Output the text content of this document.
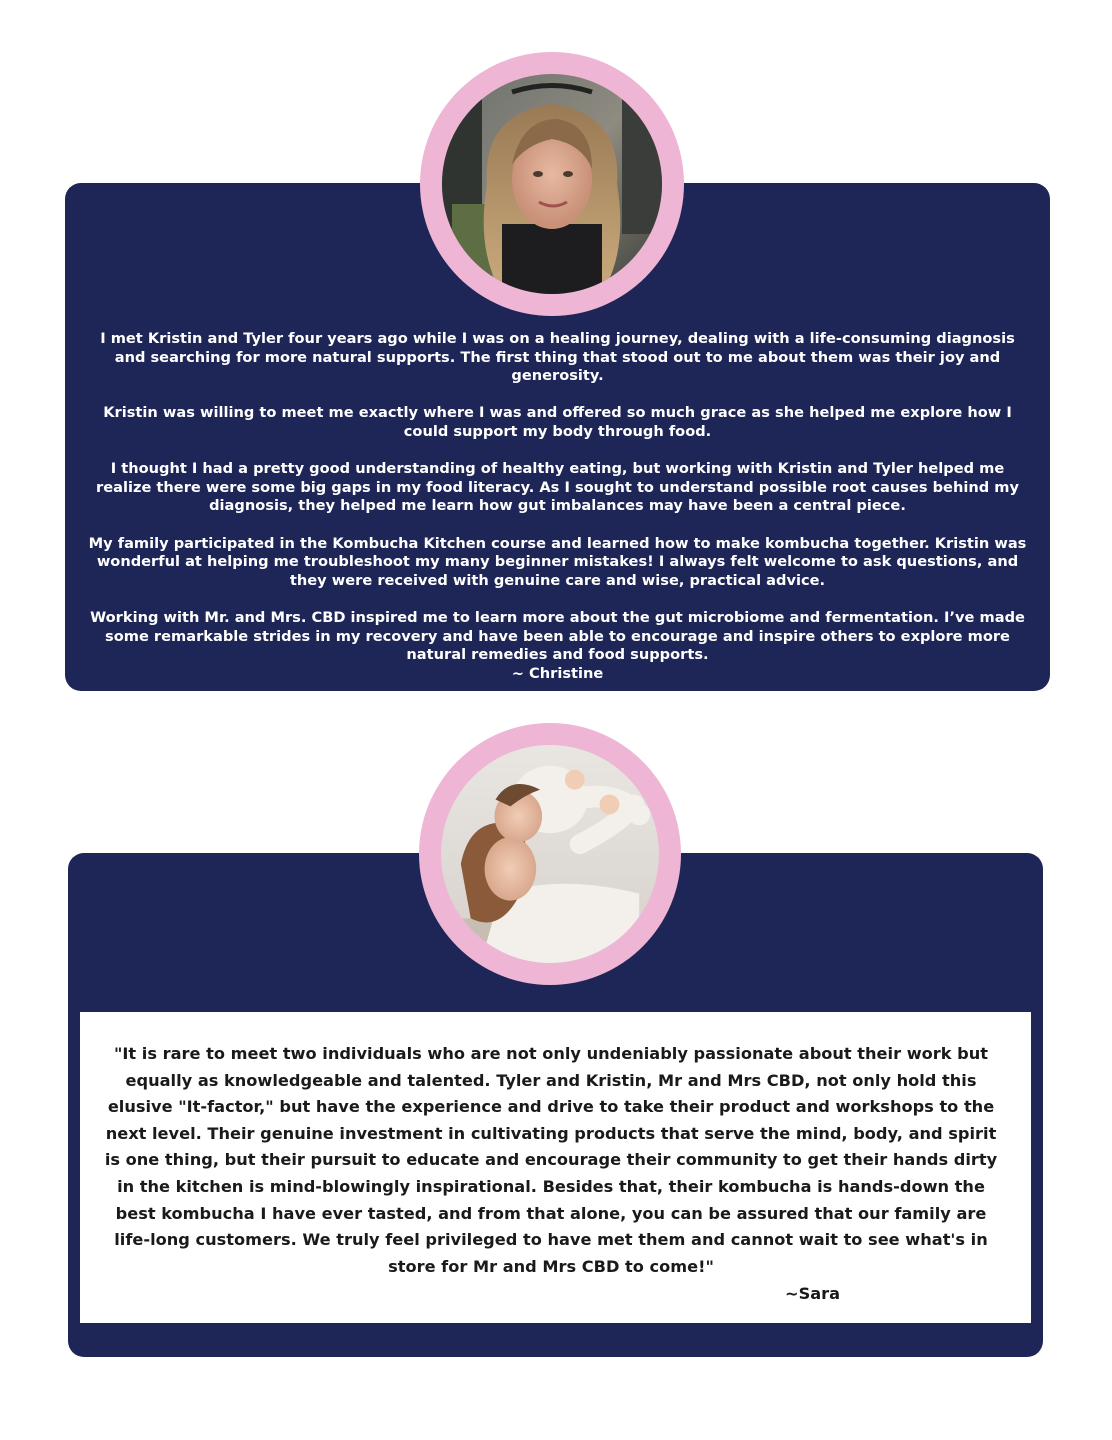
I met Kristin and Tyler four years ago while I was on a healing journey, dealing with a life-consuming diagnosis and searching for more natural supports. The first thing that stood out to me about them was their joy and generosity.

Kristin was willing to meet me exactly where I was and offered so much grace as she helped me explore how I could support my body through food.

I thought I had a pretty good understanding of healthy eating, but working with Kristin and Tyler helped me realize there were some big gaps in my food literacy. As I sought to understand possible root causes behind my diagnosis, they helped me learn how gut imbalances may have been a central piece.

My family participated in the Kombucha Kitchen course and learned how to make kombucha together. Kristin was wonderful at helping me troubleshoot my many beginner mistakes! I always felt welcome to ask questions, and they were received with genuine care and wise, practical advice.

Working with Mr. and Mrs. CBD inspired me to learn more about the gut microbiome and fermentation. I’ve made some remarkable strides in my recovery and have been able to encourage and inspire others to explore more natural remedies and food supports.

~ Christine

"It is rare to meet two individuals who are not only undeniably passionate about their work but equally as knowledgeable and talented. Tyler and Kristin, Mr and Mrs CBD, not only hold this elusive "It-factor," but have the experience and drive to take their product and workshops to the next level. Their genuine investment in cultivating products that serve the mind, body, and spirit is one thing, but their pursuit to educate and encourage their community to get their hands dirty in the kitchen is mind-blowingly inspirational. Besides that, their kombucha is hands-down the best kombucha I have ever tasted, and from that alone, you can be assured that our family are life-long customers. We truly feel privileged to have met them and cannot wait to see what's in store for Mr and Mrs CBD to come!"

~Sara
